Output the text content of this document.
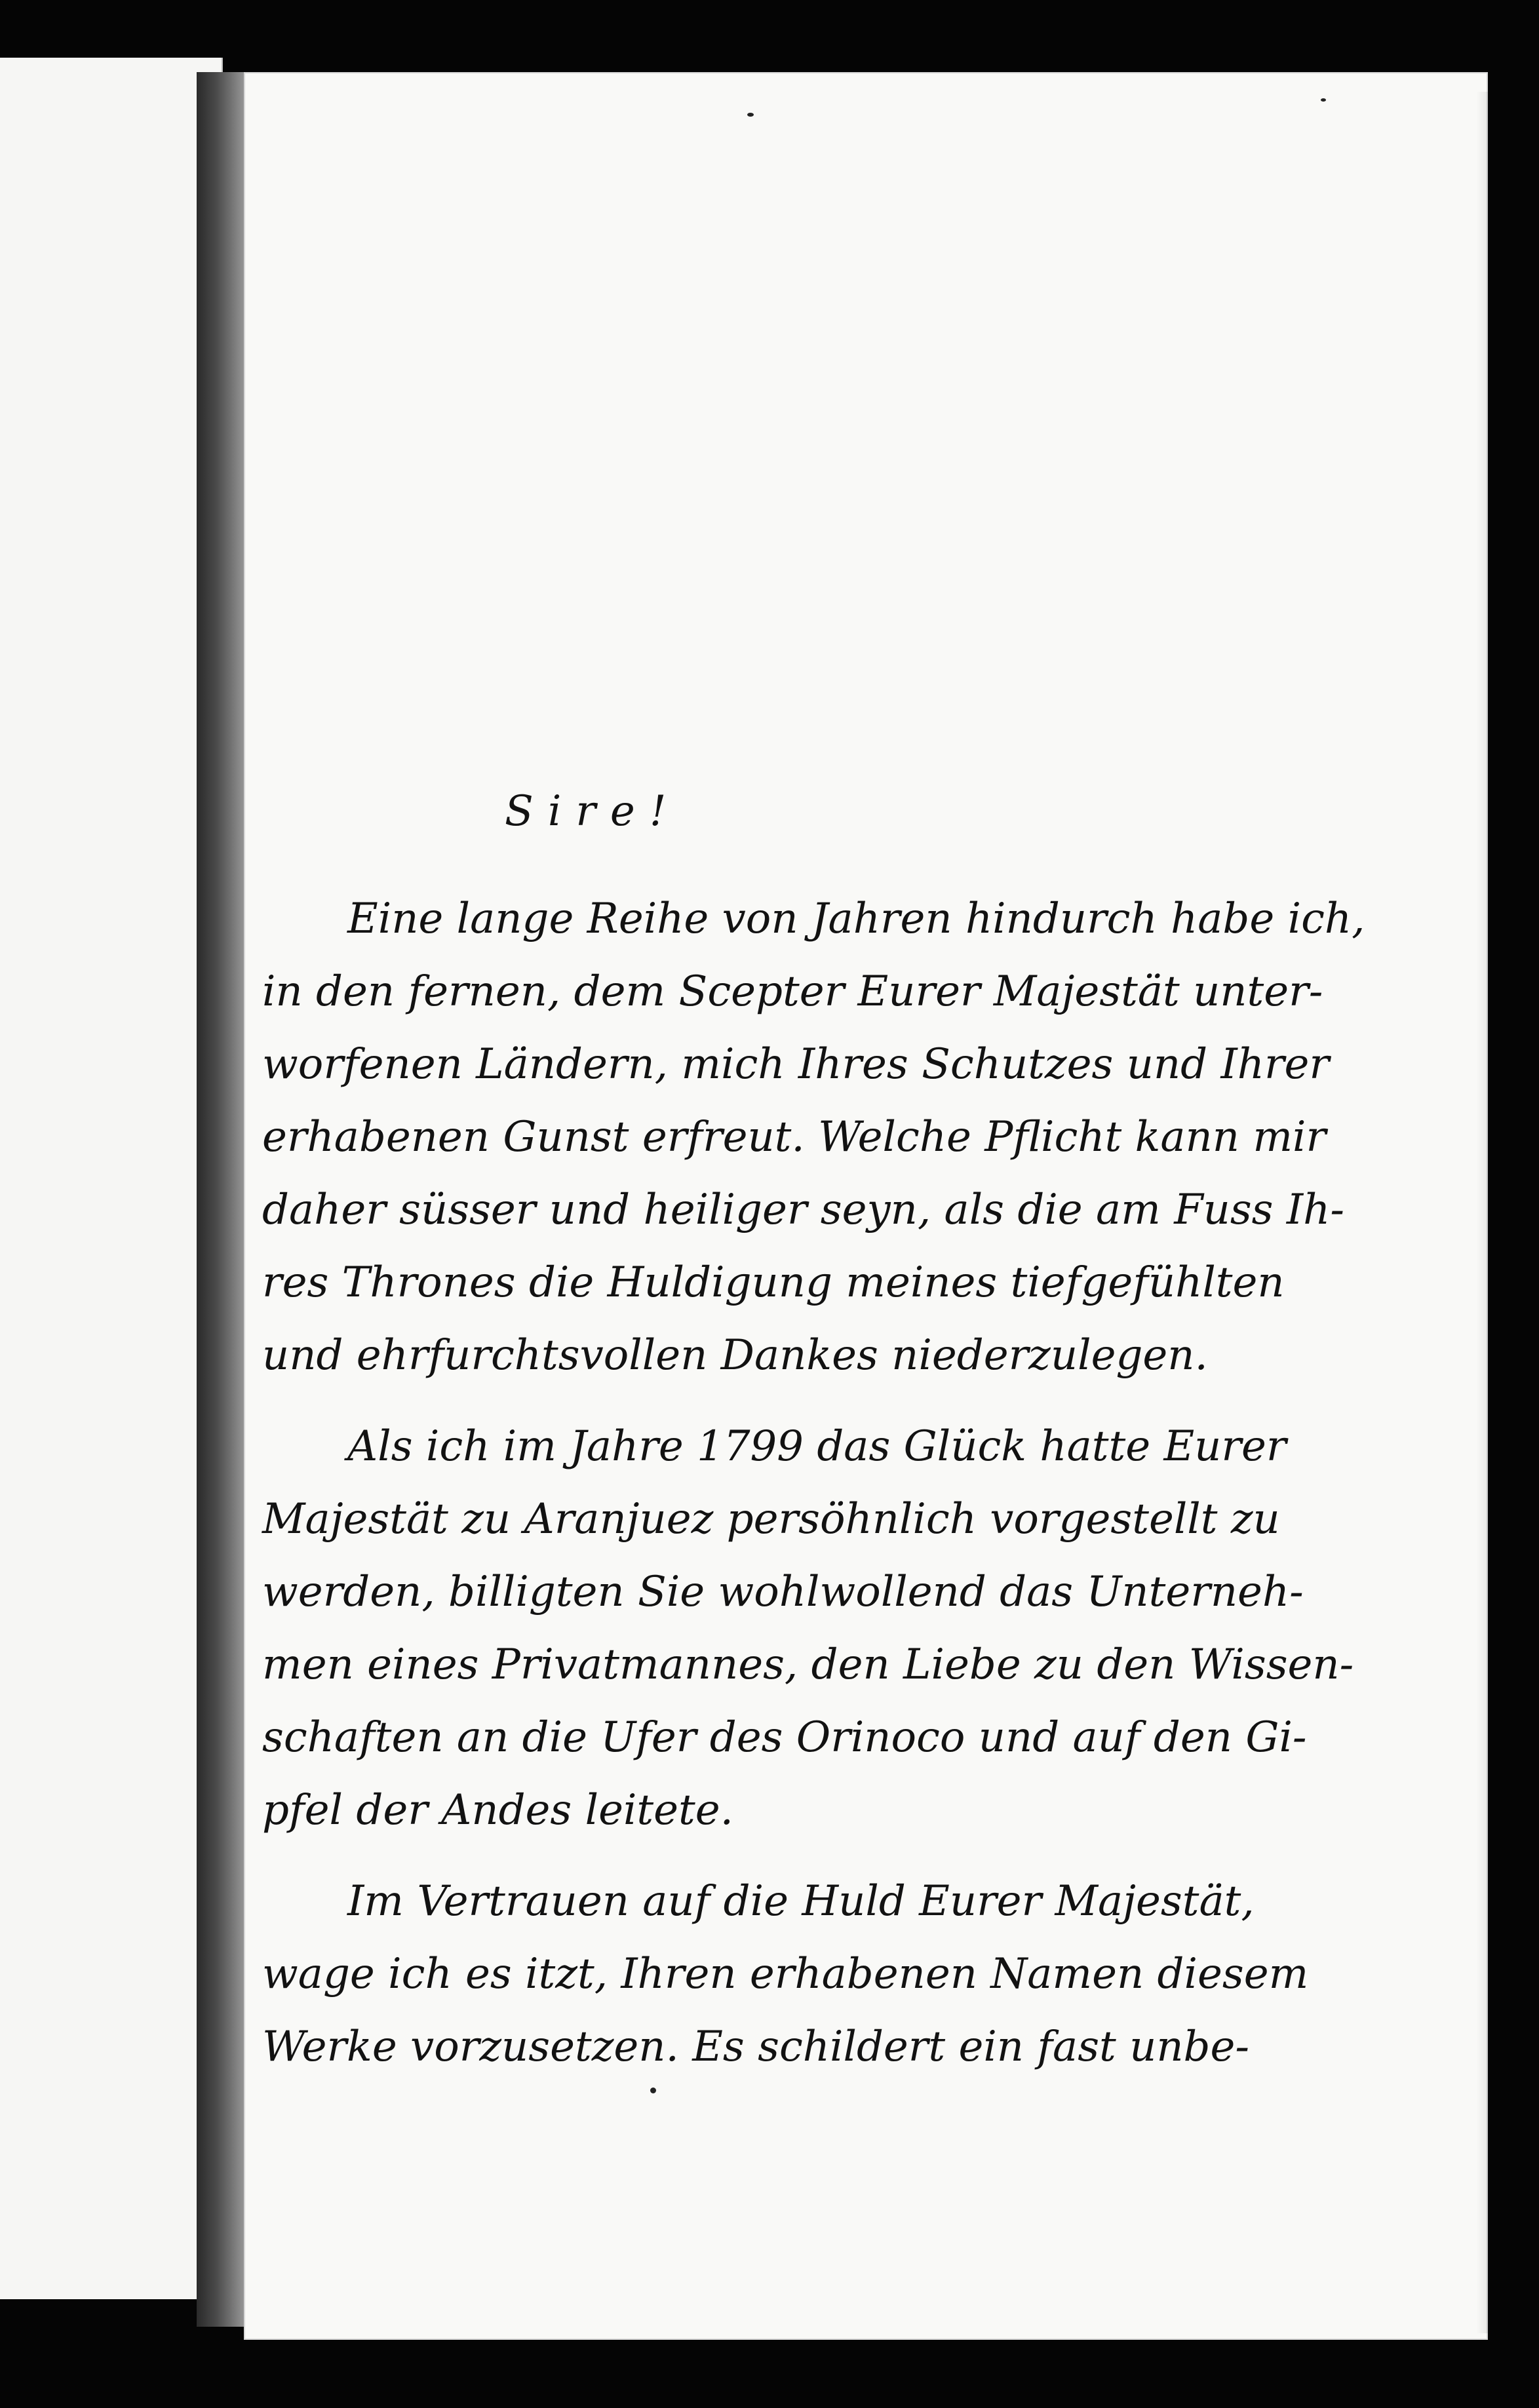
Sire!
Eine lange Reihe von Jahren hindurch habe ich,
in den fernen, dem Scepter Eurer Majestät unter-
worfenen Ländern, mich Ihres Schutzes und Ihrer
erhabenen Gunst erfreut. Welche Pflicht kann mir
daher süsser und heiliger seyn, als die am Fuss Ih-
res Thrones die Huldigung meines tiefgefühlten
und ehrfurchtsvollen Dankes niederzulegen.
Als ich im Jahre 1799 das Glück hatte Eurer
Majestät zu Aranjuez persöhnlich vorgestellt zu
werden, billigten Sie wohlwollend das Unterneh-
men eines Privatmannes, den Liebe zu den Wissen-
schaften an die Ufer des Orinoco und auf den Gi-
pfel der Andes leitete.
Im Vertrauen auf die Huld Eurer Majestät,
wage ich es itzt, Ihren erhabenen Namen diesem
Werke vorzusetzen. Es schildert ein fast unbe-
